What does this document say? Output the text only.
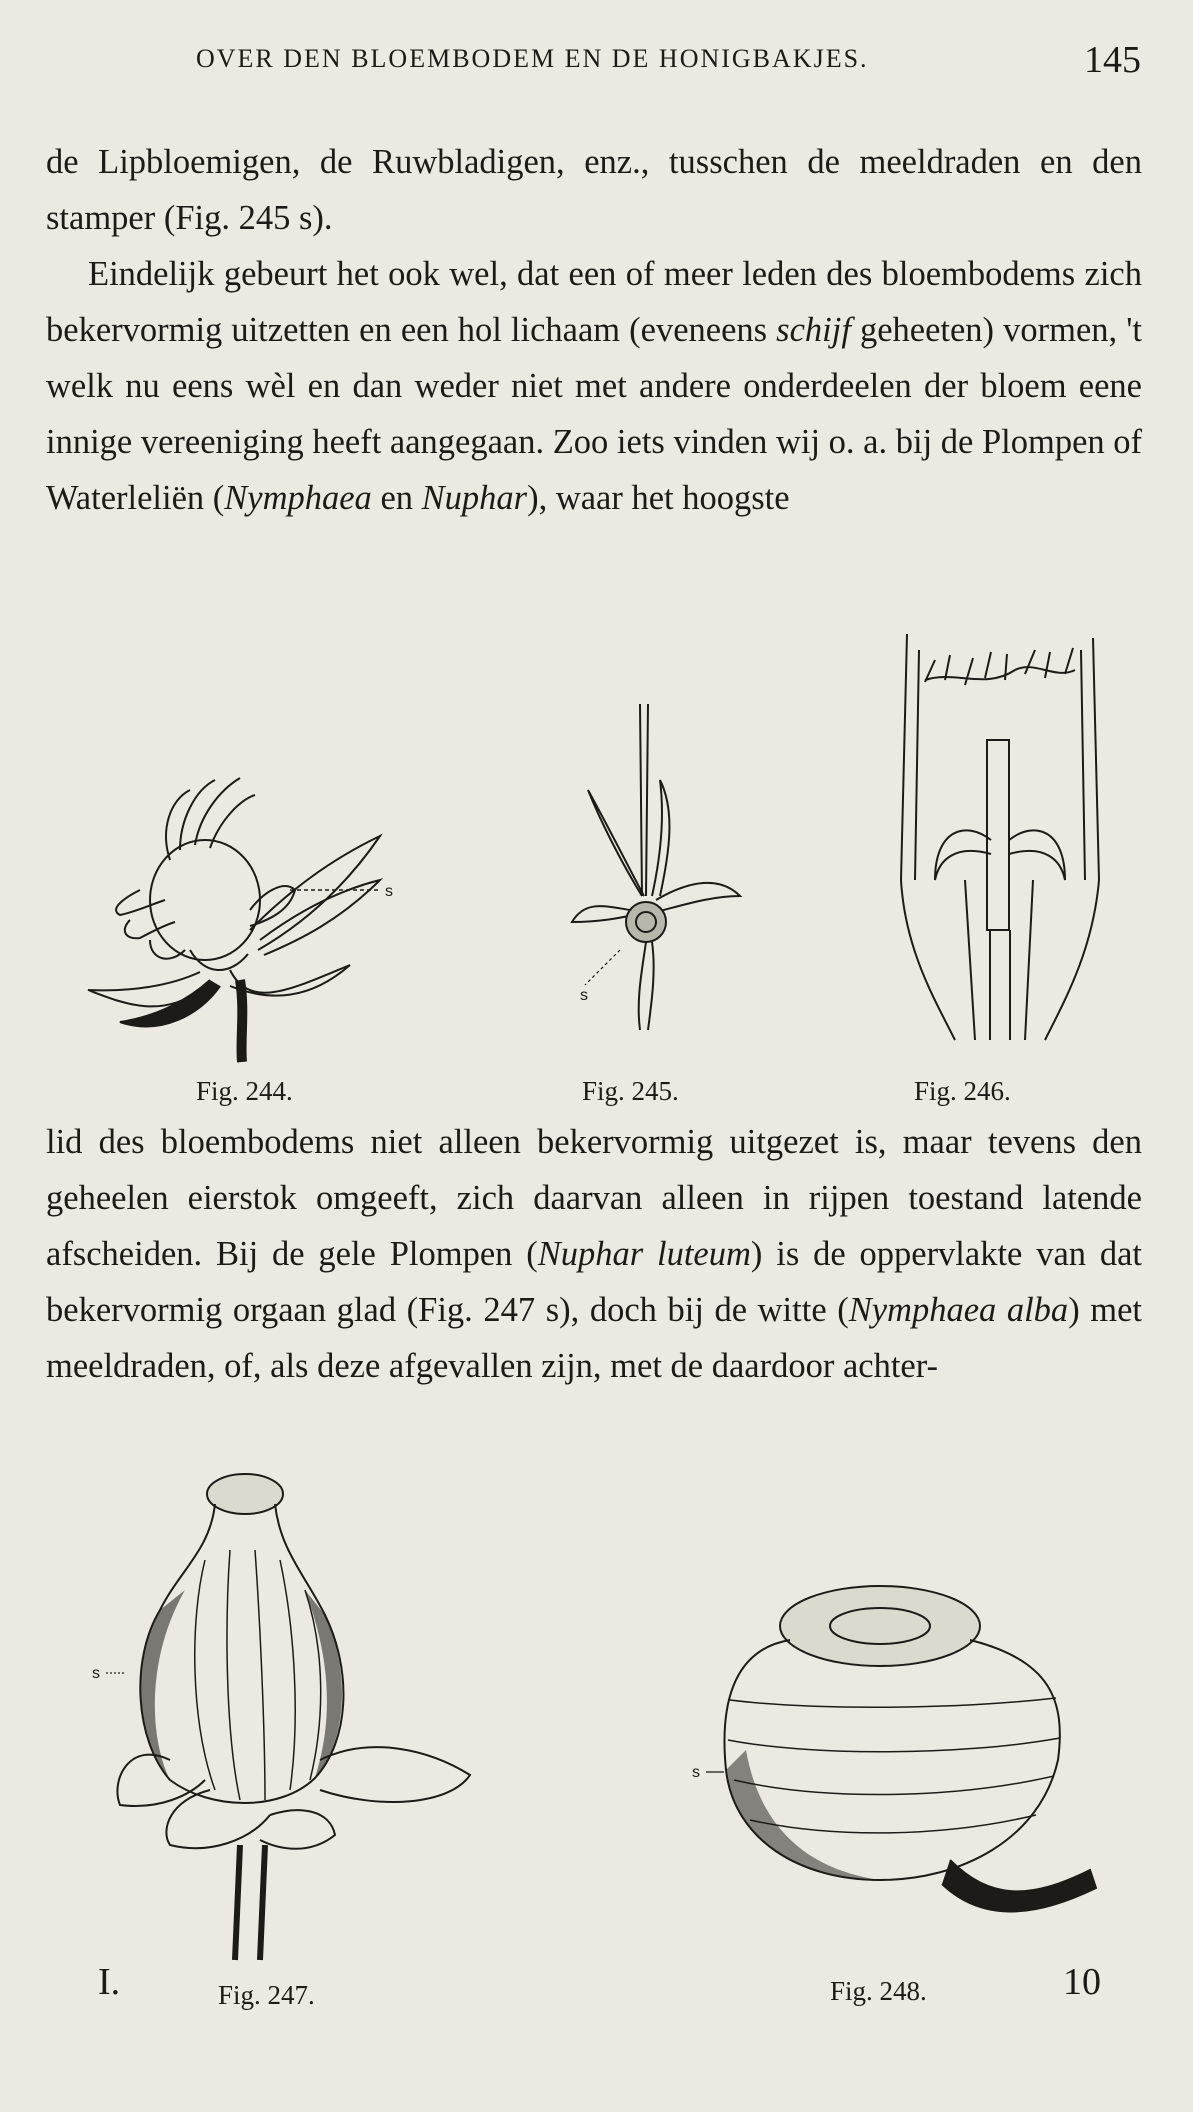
OVER DEN BLOEMBODEM EN DE HONIGBAKJES.	145

de Lipbloemigen, de Ruwbladigen, enz., tusschen de meeldraden en den stamper (Fig. 245 s).

Eindelijk gebeurt het ook wel, dat een of meer leden des bloembodems zich bekervormig uitzetten en een hol lichaam (eveneens schijf geheeten) vormen, 't welk nu eens wèl en dan weder niet met andere onderdeelen der bloem eene innige vereeniging heeft aangegaan. Zoo iets vinden wij o. a. bij de Plompen of Waterleliën (Nymphaea en Nuphar), waar het hoogste

s
Fig. 244.
s
Fig. 245.	Fig. 246.

lid des bloembodems niet alleen bekervormig uitgezet is, maar tevens den geheelen eierstok omgeeft, zich daarvan alleen in rijpen toestand latende afscheiden. Bij de gele Plompen (Nuphar luteum) is de oppervlakte van dat bekervormig orgaan glad (Fig. 247 s), doch bij de witte (Nymphaea alba) met meeldraden, of, als deze afgevallen zijn, met de daardoor achter-

s
Fig. 247.
s
Fig. 248.
I.	10
